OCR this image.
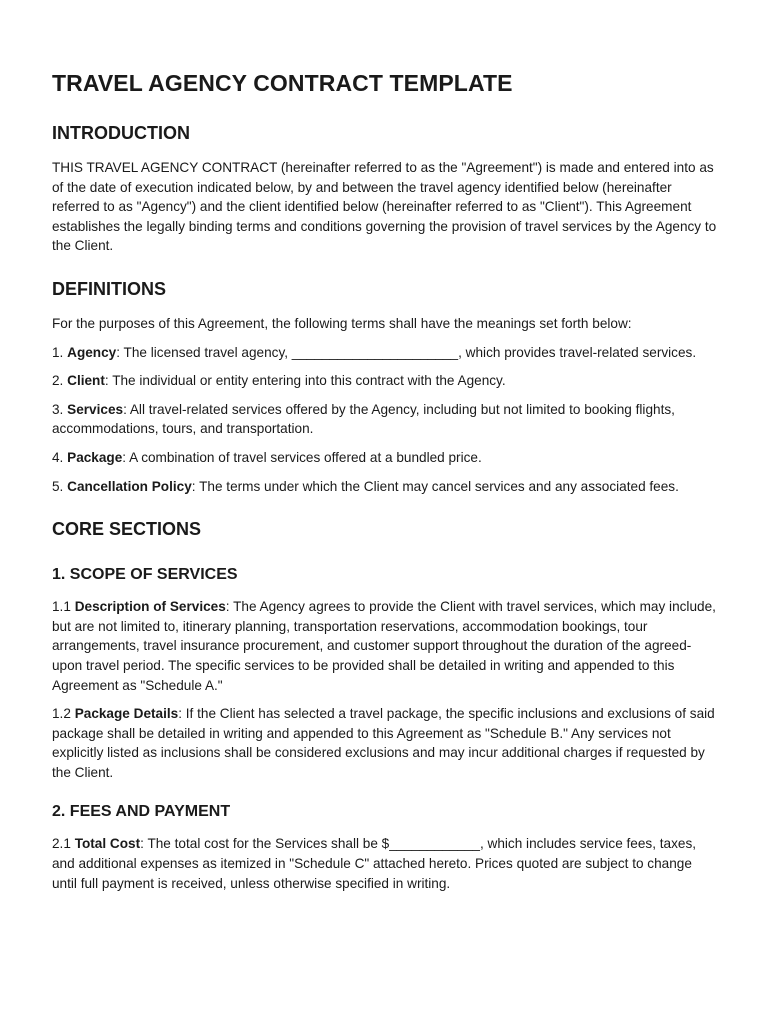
TRAVEL AGENCY CONTRACT TEMPLATE
INTRODUCTION

THIS TRAVEL AGENCY CONTRACT (hereinafter referred to as the "Agreement") is made and entered into as of the date of execution indicated below, by and between the travel agency identified below (hereinafter referred to as "Agency") and the client identified below (hereinafter referred to as "Client"). This Agreement establishes the legally binding terms and conditions governing the provision of travel services by the Agency to the Client.

DEFINITIONS

For the purposes of this Agreement, the following terms shall have the meanings set forth below:

1. Agency: The licensed travel agency, ______________________, which provides travel-related services.

2. Client: The individual or entity entering into this contract with the Agency.

3. Services: All travel-related services offered by the Agency, including but not limited to booking flights, accommodations, tours, and transportation.

4. Package: A combination of travel services offered at a bundled price.

5. Cancellation Policy: The terms under which the Client may cancel services and any associated fees.

CORE SECTIONS
1. SCOPE OF SERVICES

1.1 Description of Services: The Agency agrees to provide the Client with travel services, which may include, but are not limited to, itinerary planning, transportation reservations, accommodation bookings, tour arrangements, travel insurance procurement, and customer support throughout the duration of the agreed-upon travel period. The specific services to be provided shall be detailed in writing and appended to this Agreement as "Schedule A."

1.2 Package Details: If the Client has selected a travel package, the specific inclusions and exclusions of said package shall be detailed in writing and appended to this Agreement as "Schedule B." Any services not explicitly listed as inclusions shall be considered exclusions and may incur additional charges if requested by the Client.

2. FEES AND PAYMENT

2.1 Total Cost: The total cost for the Services shall be $____________, which includes service fees, taxes, and additional expenses as itemized in "Schedule C" attached hereto. Prices quoted are subject to change until full payment is received, unless otherwise specified in writing.
